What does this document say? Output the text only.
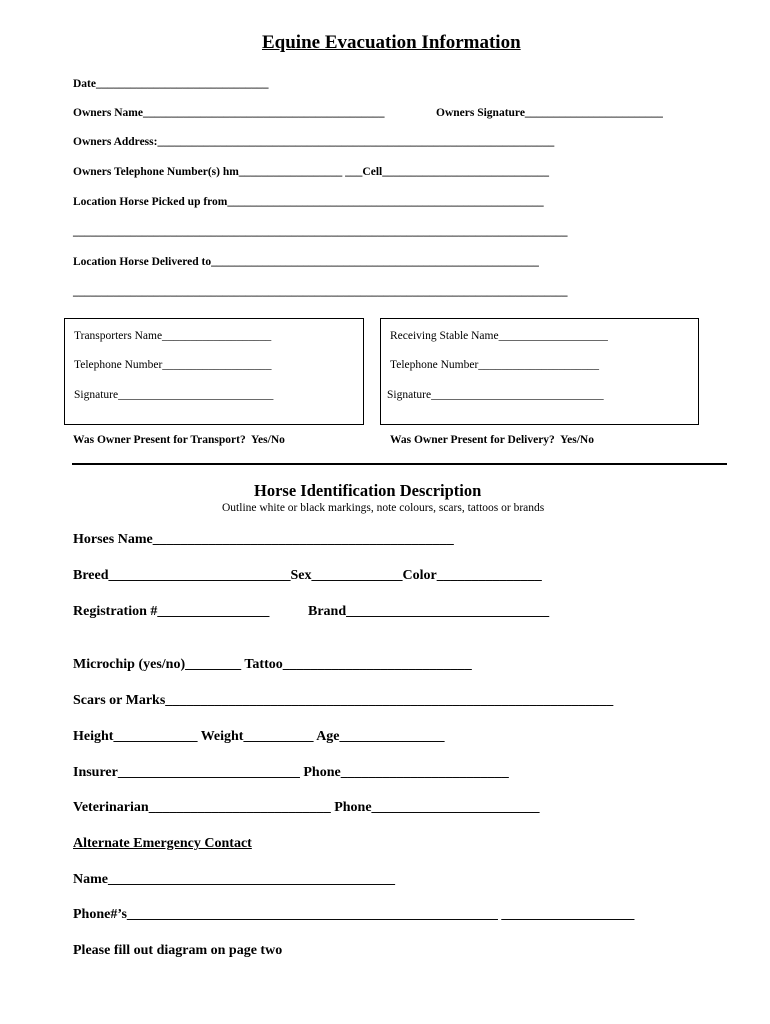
Equine Evacuation Information
Date______________________________
Owners Name__________________________________________	Owners Signature________________________
Owners Address:_____________________________________________________________________
Owners Telephone Number(s) hm__________________ ___Cell_____________________________
Location Horse Picked up from_______________________________________________________
______________________________________________________________________________________
Location Horse Delivered to_________________________________________________________
______________________________________________________________________________________
Transporters Name___________________
Telephone Number___________________
Signature___________________________
Receiving Stable Name___________________
Telephone Number_____________________
Signature______________________________
Was Owner Present for Transport?  Yes/No	Was Owner Present for Delivery?  Yes/No
Horse Identification Description
Outline white or black markings, note colours, scars, tattoos or brands
Horses Name___________________________________________
Breed__________________________Sex_____________Color_______________
Registration #________________	Brand_____________________________
Microchip (yes/no)________ Tattoo___________________________
Scars or Marks________________________________________________________________
Height____________ Weight__________ Age_______________
Insurer__________________________ Phone________________________
Veterinarian__________________________ Phone________________________
Alternate Emergency Contact
Name_________________________________________
Phone#’s_____________________________________________________ ___________________
Please fill out diagram on page two
